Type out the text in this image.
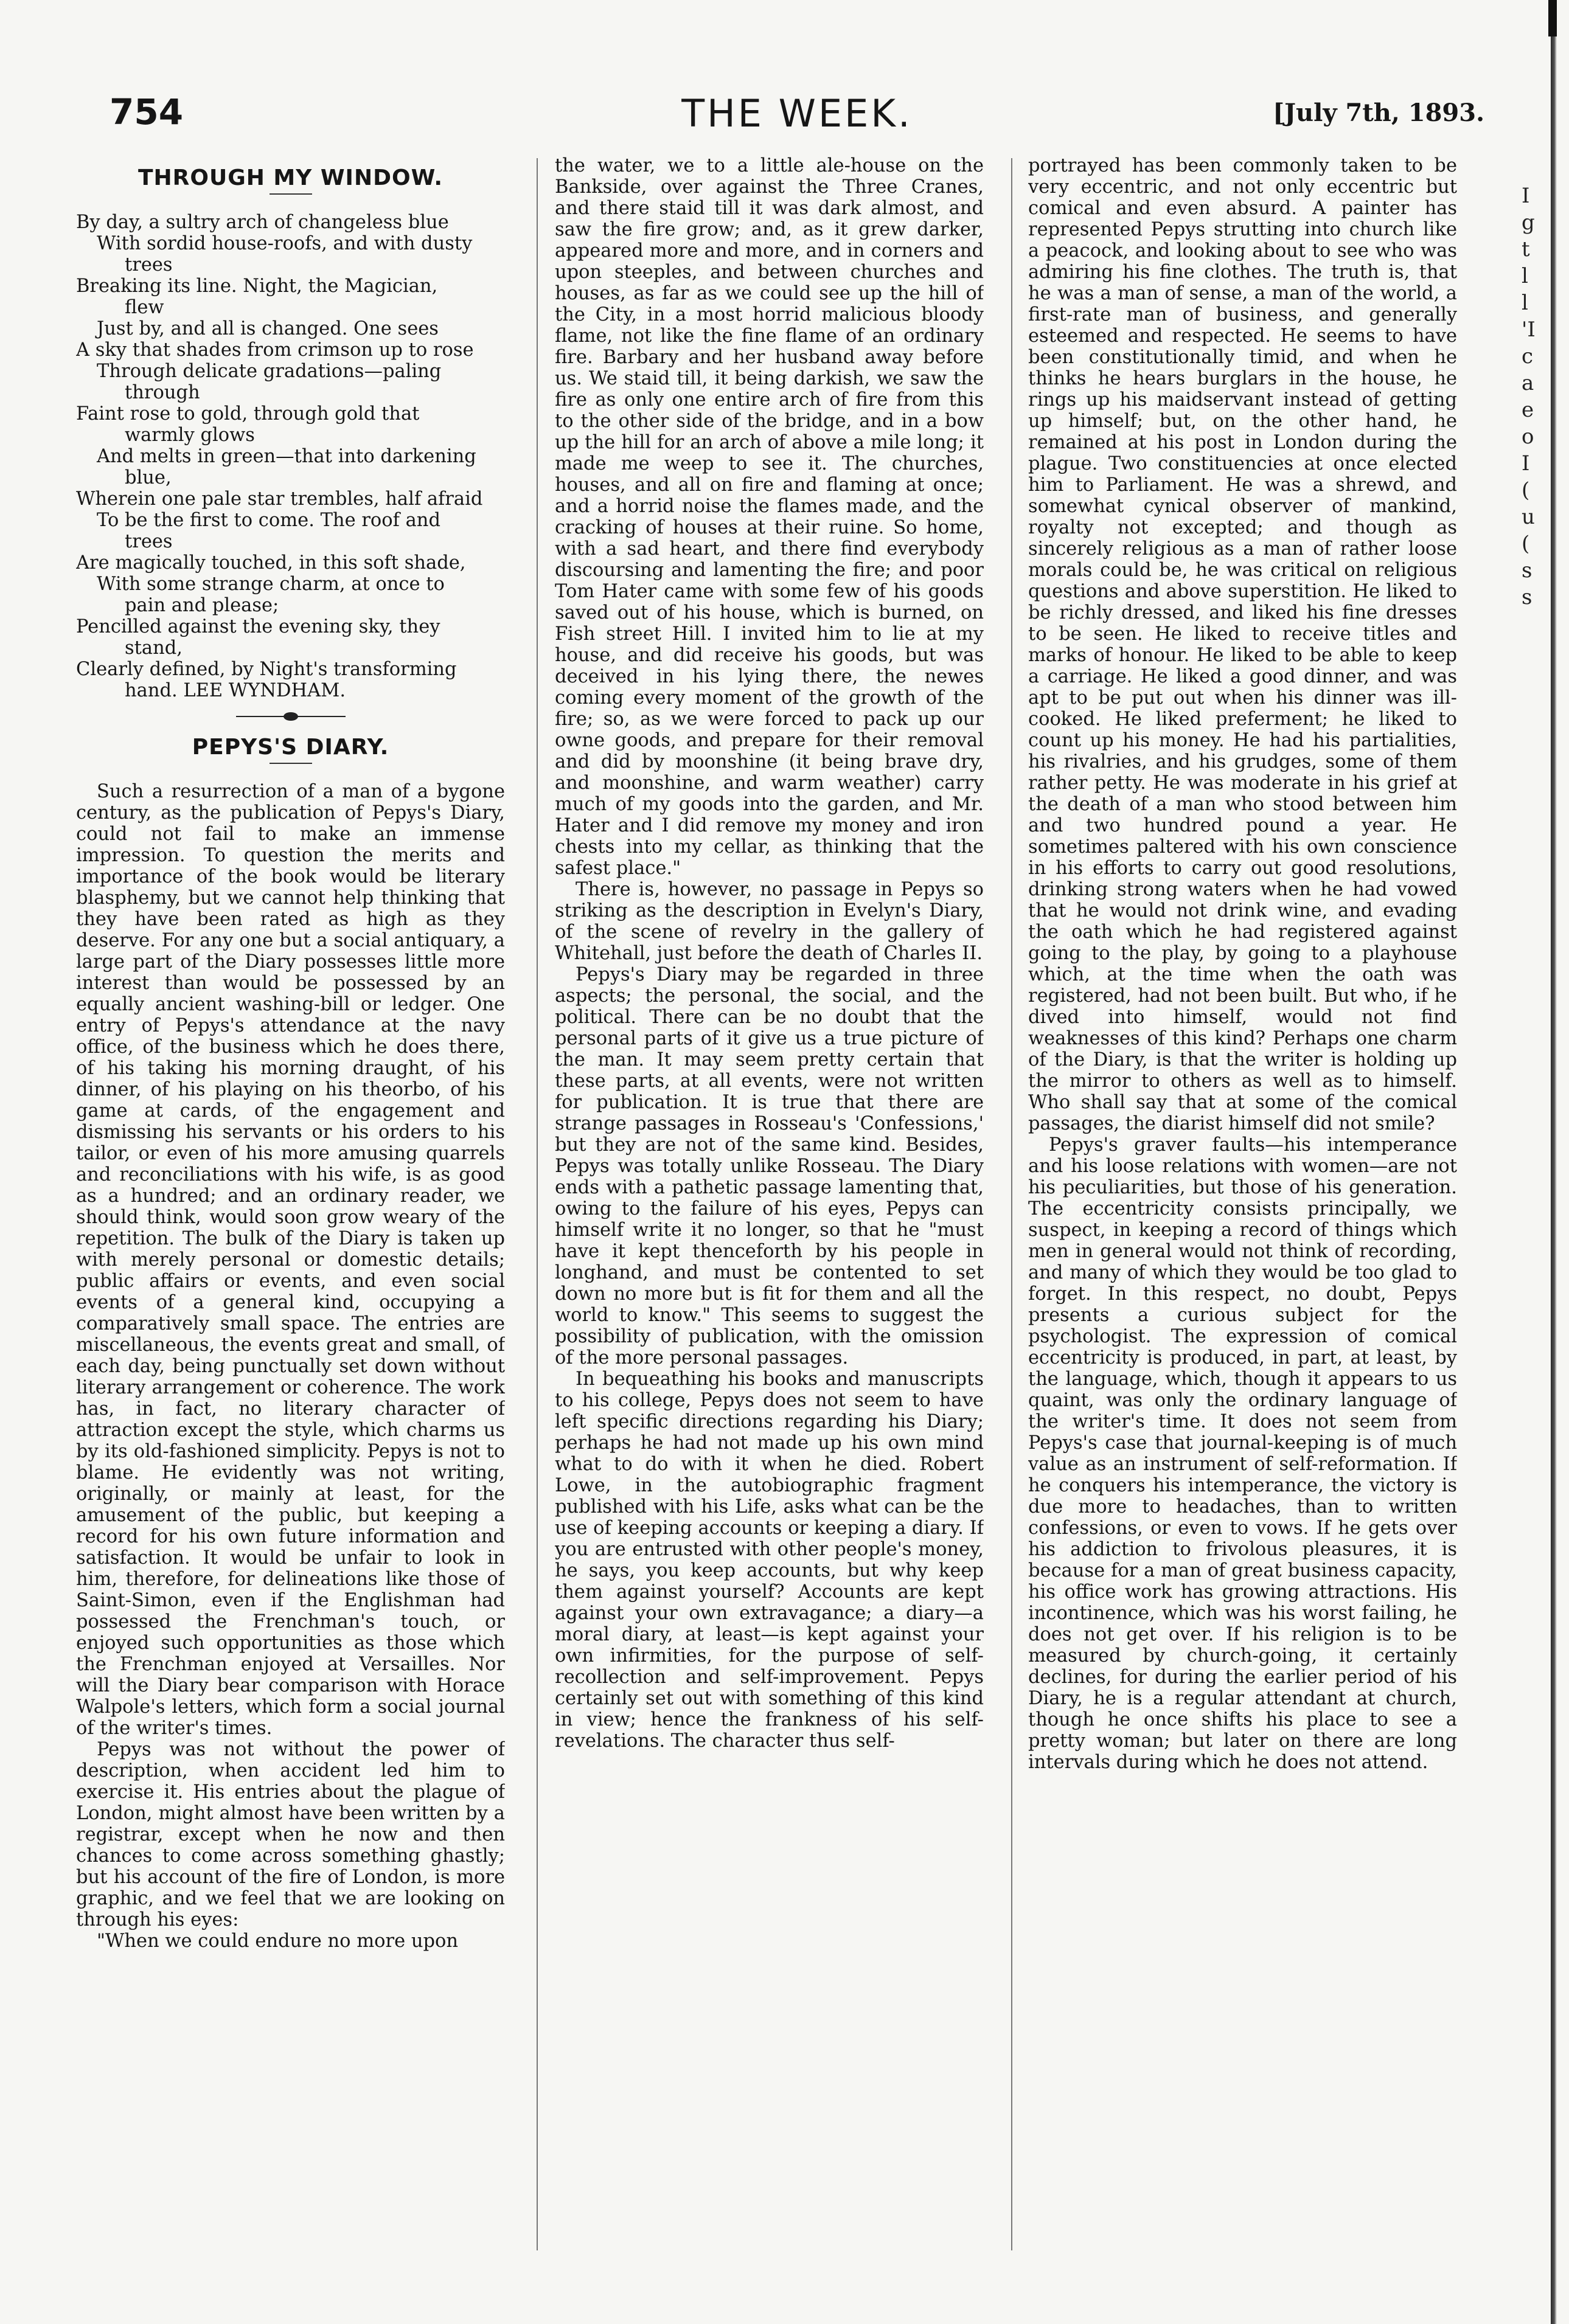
I
g
t
l
l
'I
c
a
e
o
I
(
u
(
s
s
754	THE WEEK.	[July 7th, 1893.
THROUGH MY WINDOW.

By day, a sultry arch of changeless blue

With sordid house-roofs, and with dusty

trees

Breaking its line. Night, the Magician,

flew

Just by, and all is changed. One sees

A sky that shades from crimson up to rose

Through delicate gradations—paling

through

Faint rose to gold, through gold that

warmly glows

And melts in green—that into darkening

blue,

Wherein one pale star trembles, half afraid

To be the first to come. The roof and

trees

Are magically touched, in this soft shade,

With some strange charm, at once to

pain and please;

Pencilled against the evening sky, they

stand,

Clearly defined, by Night's transforming

hand. LEE WYNDHAM.

PEPYS'S DIARY.

Such a resurrection of a man of a bygone century, as the publication of Pepys's Diary, could not fail to make an immense impression. To question the merits and importance of the book would be literary blasphemy, but we cannot help thinking that they have been rated as high as they deserve. For any one but a social antiquary, a large part of the Diary possesses little more interest than would be possessed by an equally ancient washing-bill or ledger. One entry of Pepys's attendance at the navy office, of the business which he does there, of his taking his morning draught, of his dinner, of his playing on his theorbo, of his game at cards, of the engagement and dismissing his servants or his orders to his tailor, or even of his more amusing quarrels and reconciliations with his wife, is as good as a hundred; and an ordinary reader, we should think, would soon grow weary of the repetition. The bulk of the Diary is taken up with merely personal or domestic details; public affairs or events, and even social events of a general kind, occupying a comparatively small space. The entries are miscellaneous, the events great and small, of each day, being punctually set down without literary arrangement or coherence. The work has, in fact, no literary character of attraction except the style, which charms us by its old-fashioned simplicity. Pepys is not to blame. He evidently was not writing, originally, or mainly at least, for the amusement of the public, but keeping a record for his own future information and satisfaction. It would be unfair to look in him, therefore, for delineations like those of Saint-Simon, even if the Englishman had possessed the Frenchman's touch, or enjoyed such opportunities as those which the Frenchman enjoyed at Versailles. Nor will the Diary bear comparison with Horace Walpole's letters, which form a social journal of the writer's times.

Pepys was not without the power of description, when accident led him to exercise it. His entries about the plague of London, might almost have been written by a registrar, except when he now and then chances to come across something ghastly; but his account of the fire of London, is more graphic, and we feel that we are looking on through his eyes:

"When we could endure no more upon

the water, we to a little ale-house on the Bankside, over against the Three Cranes, and there staid till it was dark almost, and saw the fire grow; and, as it grew darker, appeared more and more, and in corners and upon steeples, and between churches and houses, as far as we could see up the hill of the City, in a most horrid malicious bloody flame, not like the fine flame of an ordinary fire. Barbary and her husband away before us. We staid till, it being darkish, we saw the fire as only one entire arch of fire from this to the other side of the bridge, and in a bow up the hill for an arch of above a mile long; it made me weep to see it. The churches, houses, and all on fire and flaming at once; and a horrid noise the flames made, and the cracking of houses at their ruine. So home, with a sad heart, and there find everybody discoursing and lamenting the fire; and poor Tom Hater came with some few of his goods saved out of his house, which is burned, on Fish street Hill. I invited him to lie at my house, and did receive his goods, but was deceived in his lying there, the newes coming every moment of the growth of the fire; so, as we were forced to pack up our owne goods, and prepare for their removal and did by moonshine (it being brave dry, and moonshine, and warm weather) carry much of my goods into the garden, and Mr. Hater and I did remove my money and iron chests into my cellar, as thinking that the safest place."

There is, however, no passage in Pepys so striking as the description in Evelyn's Diary, of the scene of revelry in the gallery of Whitehall, just before the death of Charles II.

Pepys's Diary may be regarded in three aspects; the personal, the social, and the political. There can be no doubt that the personal parts of it give us a true picture of the man. It may seem pretty certain that these parts, at all events, were not written for publication. It is true that there are strange passages in Rosseau's 'Confessions,' but they are not of the same kind. Besides, Pepys was totally unlike Rosseau. The Diary ends with a pathetic passage lamenting that, owing to the failure of his eyes, Pepys can himself write it no longer, so that he "must have it kept thenceforth by his people in longhand, and must be contented to set down no more but is fit for them and all the world to know." This seems to suggest the possibility of publication, with the omission of the more personal passages.

In bequeathing his books and manuscripts to his college, Pepys does not seem to have left specific directions regarding his Diary; perhaps he had not made up his own mind what to do with it when he died. Robert Lowe, in the autobiographic fragment published with his Life, asks what can be the use of keeping accounts or keeping a diary. If you are entrusted with other people's money, he says, you keep accounts, but why keep them against yourself? Accounts are kept against your own extravagance; a diary—a moral diary, at least—is kept against your own infirmities, for the purpose of self-recollection and self-improvement. Pepys certainly set out with something of this kind in view; hence the frankness of his self-revelations. The character thus self-

portrayed has been commonly taken to be very eccentric, and not only eccentric but comical and even absurd. A painter has represented Pepys strutting into church like a peacock, and looking about to see who was admiring his fine clothes. The truth is, that he was a man of sense, a man of the world, a first-rate man of business, and generally esteemed and respected. He seems to have been constitutionally timid, and when he thinks he hears burglars in the house, he rings up his maidservant instead of getting up himself; but, on the other hand, he remained at his post in London during the plague. Two constituencies at once elected him to Parliament. He was a shrewd, and somewhat cynical observer of mankind, royalty not excepted; and though as sincerely religious as a man of rather loose morals could be, he was critical on religious questions and above superstition. He liked to be richly dressed, and liked his fine dresses to be seen. He liked to receive titles and marks of honour. He liked to be able to keep a carriage. He liked a good dinner, and was apt to be put out when his dinner was ill-cooked. He liked preferment; he liked to count up his money. He had his partialities, his rivalries, and his grudges, some of them rather petty. He was moderate in his grief at the death of a man who stood between him and two hundred pound a year. He sometimes paltered with his own conscience in his efforts to carry out good resolutions, drinking strong waters when he had vowed that he would not drink wine, and evading the oath which he had registered against going to the play, by going to a playhouse which, at the time when the oath was registered, had not been built. But who, if he dived into himself, would not find weaknesses of this kind? Perhaps one charm of the Diary, is that the writer is holding up the mirror to others as well as to himself. Who shall say that at some of the comical passages, the diarist himself did not smile?

Pepys's graver faults—his intemperance and his loose relations with women—are not his peculiarities, but those of his generation. The eccentricity consists principally, we suspect, in keeping a record of things which men in general would not think of recording, and many of which they would be too glad to forget. In this respect, no doubt, Pepys presents a curious subject for the psychologist. The expression of comical eccentricity is produced, in part, at least, by the language, which, though it appears to us quaint, was only the ordinary language of the writer's time. It does not seem from Pepys's case that journal-keeping is of much value as an instrument of self-reformation. If he conquers his intemperance, the victory is due more to headaches, than to written confessions, or even to vows. If he gets over his addiction to frivolous pleasures, it is because for a man of great business capacity, his office work has growing attractions. His incontinence, which was his worst failing, he does not get over. If his religion is to be measured by church-going, it certainly declines, for during the earlier period of his Diary, he is a regular attendant at church, though he once shifts his place to see a pretty woman; but later on there are long intervals during which he does not attend.
